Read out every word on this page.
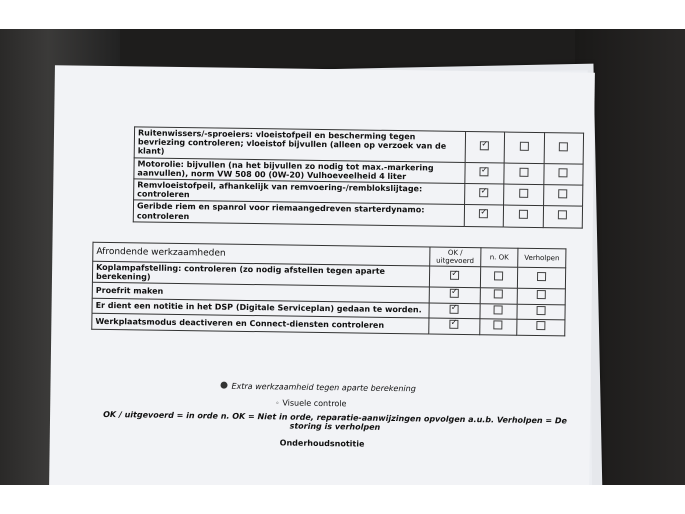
Ruitenwissers/-sproeiers: vloeistofpeil en bescherming tegen bevriezing controleren; vloeistof bijvullen (alleen op verzoek van de klant)	✓		
Motorolie: bijvullen (na het bijvullen zo nodig tot max.-markering aanvullen), norm VW 508 00 (0W-20) Vulhoeveelheid 4 liter	✓		
Remvloeistofpeil, afhankelijk van remvoering-/remblokslijtage: controleren	✓		
Geribde riem en spanrol voor riemaangedreven starterdynamo: controleren	✓		
Afrondende werkzaamheden	OK / uitgevoerd	n. OK	Verholpen
Koplampafstelling: controleren (zo nodig afstellen tegen aparte berekening)	✓		
Proefrit maken	✓		
Er dient een notitie in het DSP (Digitale Serviceplan) gedaan te worden.	✓		
Werkplaatsmodus deactiveren en Connect-diensten controleren	✓		
Extra werkzaamheid tegen aparte berekening
◦ Visuele controle
OK / uitgevoerd = in orde n. OK = Niet in orde, reparatie-aanwijzingen opvolgen a.u.b. Verholpen = De storing is verholpen
Onderhoudsnotitie
